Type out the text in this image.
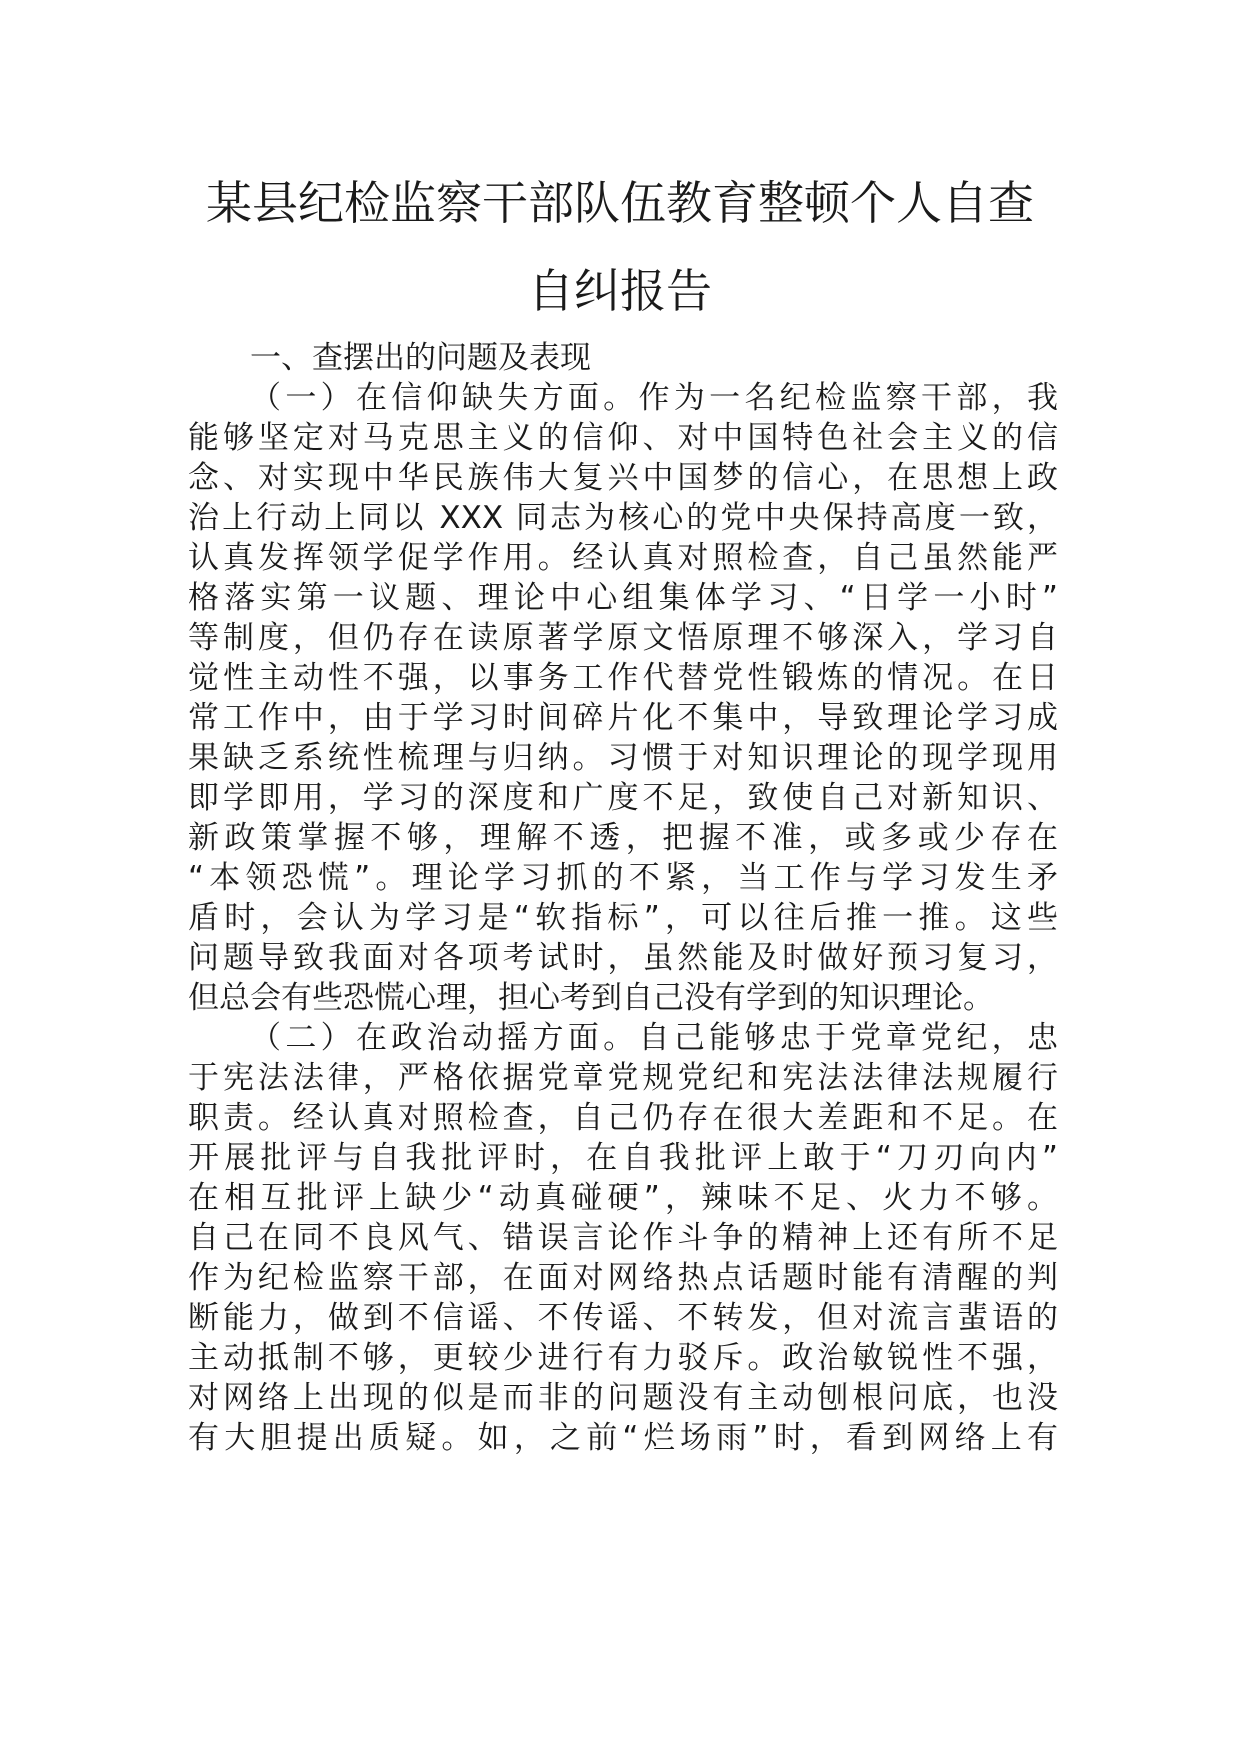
某县纪检监察干部队伍教育整顿个人自查
自纠报告
一、查摆出的问题及表现
（一）在信仰缺失方面。作为一名纪检监察干部，我
能够坚定对马克思主义的信仰、对中国特色社会主义的信
念、对实现中华民族伟大复兴中国梦的信心，在思想上政
治上行动上同以 XXX 同志为核心的党中央保持高度一致，
认真发挥领学促学作用。经认真对照检查，自己虽然能严
格落实第一议题、理论中心组集体学习、“日学一小时”
等制度，但仍存在读原著学原文悟原理不够深入，学习自
觉性主动性不强，以事务工作代替党性锻炼的情况。在日
常工作中，由于学习时间碎片化不集中，导致理论学习成
果缺乏系统性梳理与归纳。习惯于对知识理论的现学现用
即学即用，学习的深度和广度不足，致使自己对新知识、
新政策掌握不够，理解不透，把握不准，或多或少存在
“本领恐慌”。理论学习抓的不紧，当工作与学习发生矛
盾时，会认为学习是“软指标”，可以往后推一推。这些
问题导致我面对各项考试时，虽然能及时做好预习复习，
但总会有些恐慌心理，担心考到自己没有学到的知识理论。
（二）在政治动摇方面。自己能够忠于党章党纪，忠
于宪法法律，严格依据党章党规党纪和宪法法律法规履行
职责。经认真对照检查，自己仍存在很大差距和不足。在
开展批评与自我批评时，在自我批评上敢于“刀刃向内”
在相互批评上缺少“动真碰硬”，辣味不足、火力不够。
自己在同不良风气、错误言论作斗争的精神上还有所不足
作为纪检监察干部，在面对网络热点话题时能有清醒的判
断能力，做到不信谣、不传谣、不转发，但对流言蜚语的
主动抵制不够，更较少进行有力驳斥。政治敏锐性不强，
对网络上出现的似是而非的问题没有主动刨根问底，也没
有大胆提出质疑。如，之前“烂场雨”时，看到网络上有
